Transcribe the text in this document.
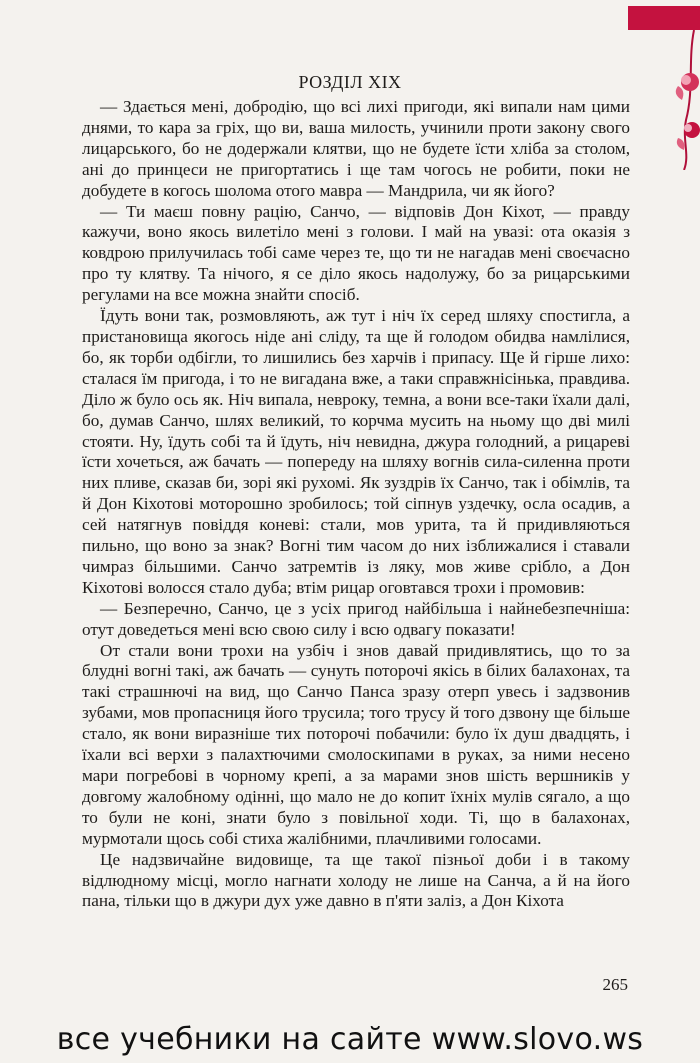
РОЗДІЛ XIX

— Здається мені, добродію, що всі лихі пригоди, які випали нам цими днями, то кара за гріх, що ви, ваша милость, учинили проти закону свого лицарського, бо не додержали клятви, що не будете їсти хліба за столом, ані до принцеси не пригортатись і ще там чогось не робити, поки не добудете в когось шолома отого мавра — Мандрила, чи як його?

— Ти маєш повну рацію, Санчо, — відповів Дон Кіхот, — правду кажучи, воно якось вилетіло мені з голови. І май на увазі: ота оказія з ковдрою прилучилась тобі саме через те, що ти не нагадав мені своєчасно про ту клятву. Та нічого, я се діло якось надолужу, бо за рицарськими регулами на все можна знайти спосіб.

Їдуть вони так, розмовляють, аж тут і ніч їх серед шляху спостигла, а пристановища якогось ніде ані сліду, та ще й голодом обидва намлілися, бо, як торби одбігли, то лишились без харчів і припасу. Ще й гірше лихо: сталася їм пригода, і то не вигадана вже, а таки справжнісінька, правдива. Діло ж було ось як. Ніч випала, невроку, темна, а вони все-таки їхали далі, бо, думав Санчо, шлях великий, то корчма мусить на ньому що дві милі стояти. Ну, їдуть собі та й їдуть, ніч невидна, джура голодний, а рицареві їсти хочеться, аж бачать — попереду на шляху вогнів сила-силенна проти них пливе, сказав би, зорі які рухомі. Як зуздрів їх Санчо, так і обімлів, та й Дон Кіхотові моторошно зробилось; той сіпнув уздечку, осла осадив, а сей натягнув повіддя коневі: стали, мов урита, та й придивляються пильно, що воно за знак? Вогні тим часом до них ізближалися і ставали чимраз більшими. Санчо затремтів із ляку, мов живе срібло, а Дон Кіхотові волосся стало дуба; втім рицар оговтався трохи і промовив:

— Безперечно, Санчо, це з усіх пригод найбільша і найнебезпечніша: отут доведеться мені всю свою силу і всю одвагу показати!

От стали вони трохи на узбіч і знов давай придивлятись, що то за блудні вогні такі, аж бачать — сунуть поторочі якісь в білих балахонах, та такі страшнючі на вид, що Санчо Панса зразу отерп увесь і задзвонив зубами, мов пропасниця його трусила; того трусу й того дзвону ще більше стало, як вони виразніше тих поторочі побачили: було їх душ двадцять, і їхали всі верхи з палахтючими смолоскипами в руках, за ними несено мари погребові в чорному крепі, а за марами знов шість вершників у довгому жалобному одінні, що мало не до копит їхніх мулів сягало, а що то були не коні, знати було з повільної ходи. Ті, що в балахонах, мурмотали щось собі стиха жалібними, плачливими голосами.

Це надзвичайне видовище, та ще такої пізньої доби і в такому відлюдному місці, могло нагнати холоду не лише на Санча, а й на його пана, тільки що в джури дух уже давно в п'яти заліз, а Дон Кіхота

265
все учебники на сайте www.slovo.ws
